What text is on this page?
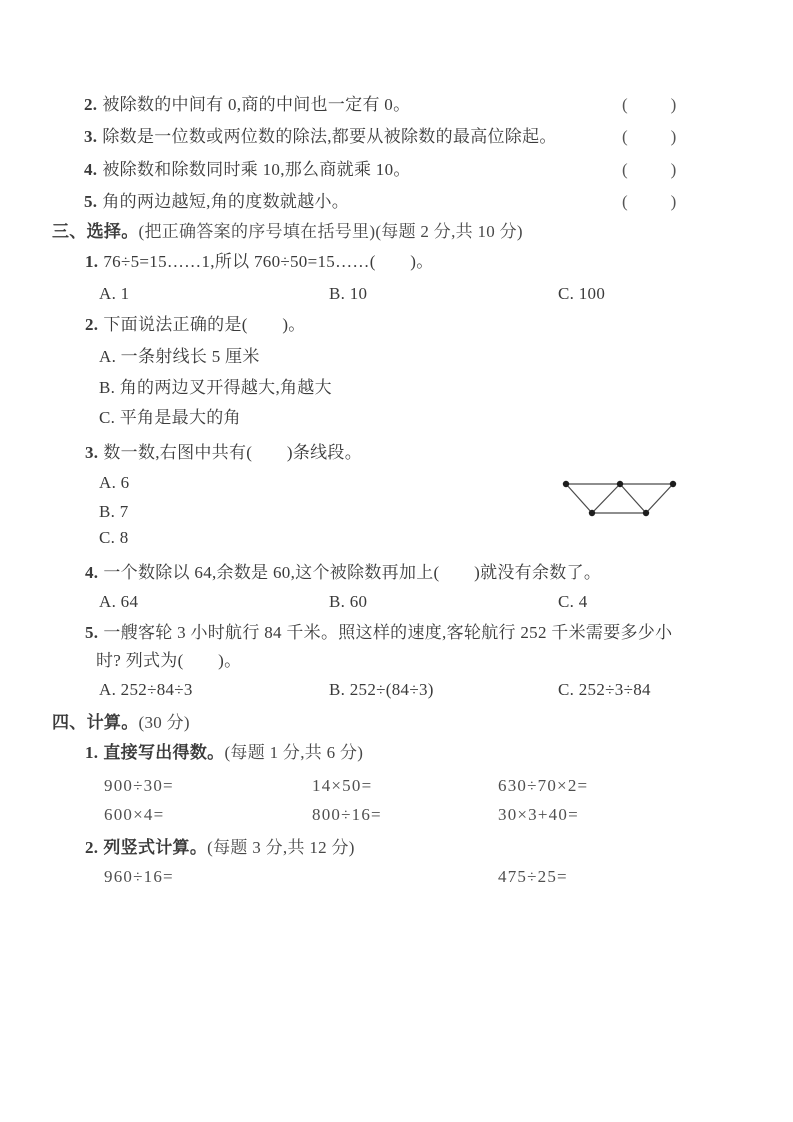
2. 被除数的中间有 0,商的中间也一定有 0。	(　　)
3. 除数是一位数或两位数的除法,都要从被除数的最高位除起。	(　　)
4. 被除数和除数同时乘 10,那么商就乘 10。	(　　)
5. 角的两边越短,角的度数就越小。	(　　)
三、选择。(把正确答案的序号填在括号里)(每题 2 分,共 10 分)
1. 76÷5=15……1,所以 760÷50=15……(　　)。
A. 1	B. 10	C. 100
2. 下面说法正确的是(　　)。
A. 一条射线长 5 厘米
B. 角的两边叉开得越大,角越大
C. 平角是最大的角
3. 数一数,右图中共有(　　)条线段。
A. 6
B. 7
C. 8
4. 一个数除以 64,余数是 60,这个被除数再加上(　　)就没有余数了。
A. 64	B. 60	C. 4
5. 一艘客轮 3 小时航行 84 千米。照这样的速度,客轮航行 252 千米需要多少小
时? 列式为(　　)。
A. 252÷84÷3	B. 252÷(84÷3)	C. 252÷3÷84
四、计算。(30 分)
1. 直接写出得数。(每题 1 分,共 6 分)
900÷30=	14×50=	630÷70×2=
600×4=	800÷16=	30×3+40=
2. 列竖式计算。(每题 3 分,共 12 分)
960÷16=	475÷25=
